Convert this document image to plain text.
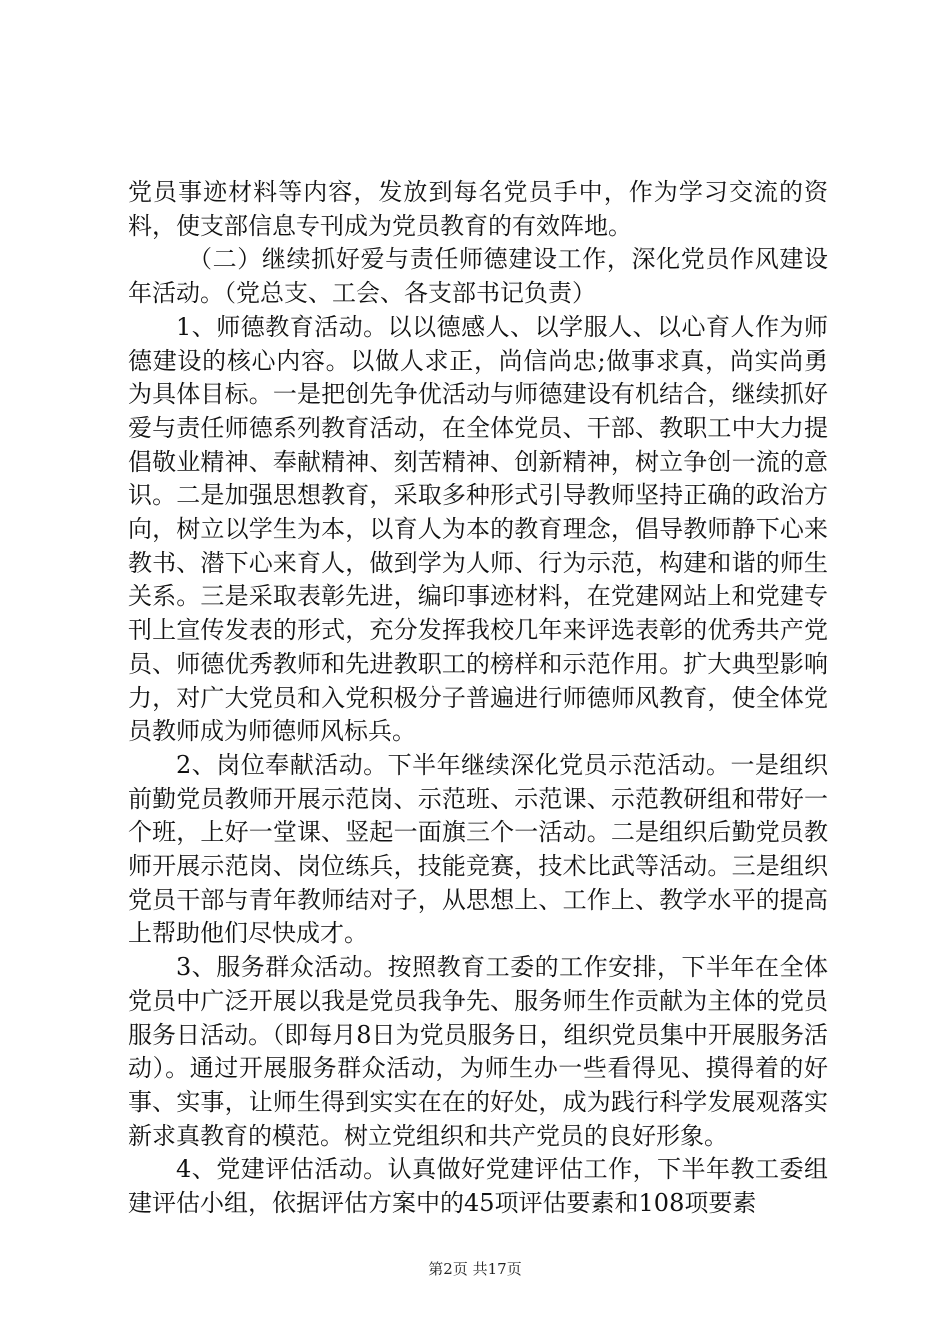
党员事迹材料等内容，发放到每名党员手中，作为学习交流的资料，使支部信息专刊成为党员教育的有效阵地。

（二）继续抓好爱与责任师德建设工作，深化党员作风建设年活动。（党总支、工会、各支部书记负责）

1、师德教育活动。以以德感人、以学服人、以心育人作为师德建设的核心内容。以做人求正，尚信尚忠;做事求真，尚实尚勇为具体目标。一是把创先争优活动与师德建设有机结合，继续抓好爱与责任师德系列教育活动，在全体党员、干部、教职工中大力提倡敬业精神、奉献精神、刻苦精神、创新精神，树立争创一流的意识。二是加强思想教育，采取多种形式引导教师坚持正确的政治方向，树立以学生为本，以育人为本的教育理念，倡导教师静下心来教书、潜下心来育人，做到学为人师、行为示范，构建和谐的师生关系。三是采取表彰先进，编印事迹材料，在党建网站上和党建专刊上宣传发表的形式，充分发挥我校几年来评选表彰的优秀共产党员、师德优秀教师和先进教职工的榜样和示范作用。扩大典型影响力，对广大党员和入党积极分子普遍进行师德师风教育，使全体党员教师成为师德师风标兵。

2、岗位奉献活动。下半年继续深化党员示范活动。一是组织前勤党员教师开展示范岗、示范班、示范课、示范教研组和带好一个班，上好一堂课、竖起一面旗三个一活动。二是组织后勤党员教师开展示范岗、岗位练兵，技能竞赛，技术比武等活动。三是组织党员干部与青年教师结对子，从思想上、工作上、教学水平的提高上帮助他们尽快成才。

3、服务群众活动。按照教育工委的工作安排，下半年在全体党员中广泛开展以我是党员我争先、服务师生作贡献为主体的党员服务日活动。（即每月8日为党员服务日，组织党员集中开展服务活动）。通过开展服务群众活动，为师生办一些看得见、摸得着的好事、实事，让师生得到实实在在的好处，成为践行科学发展观落实新求真教育的模范。树立党组织和共产党员的良好形象。

4、党建评估活动。认真做好党建评估工作，下半年教工委组建评估小组，依据评估方案中的45项评估要素和108项要素

第2页 共17页
